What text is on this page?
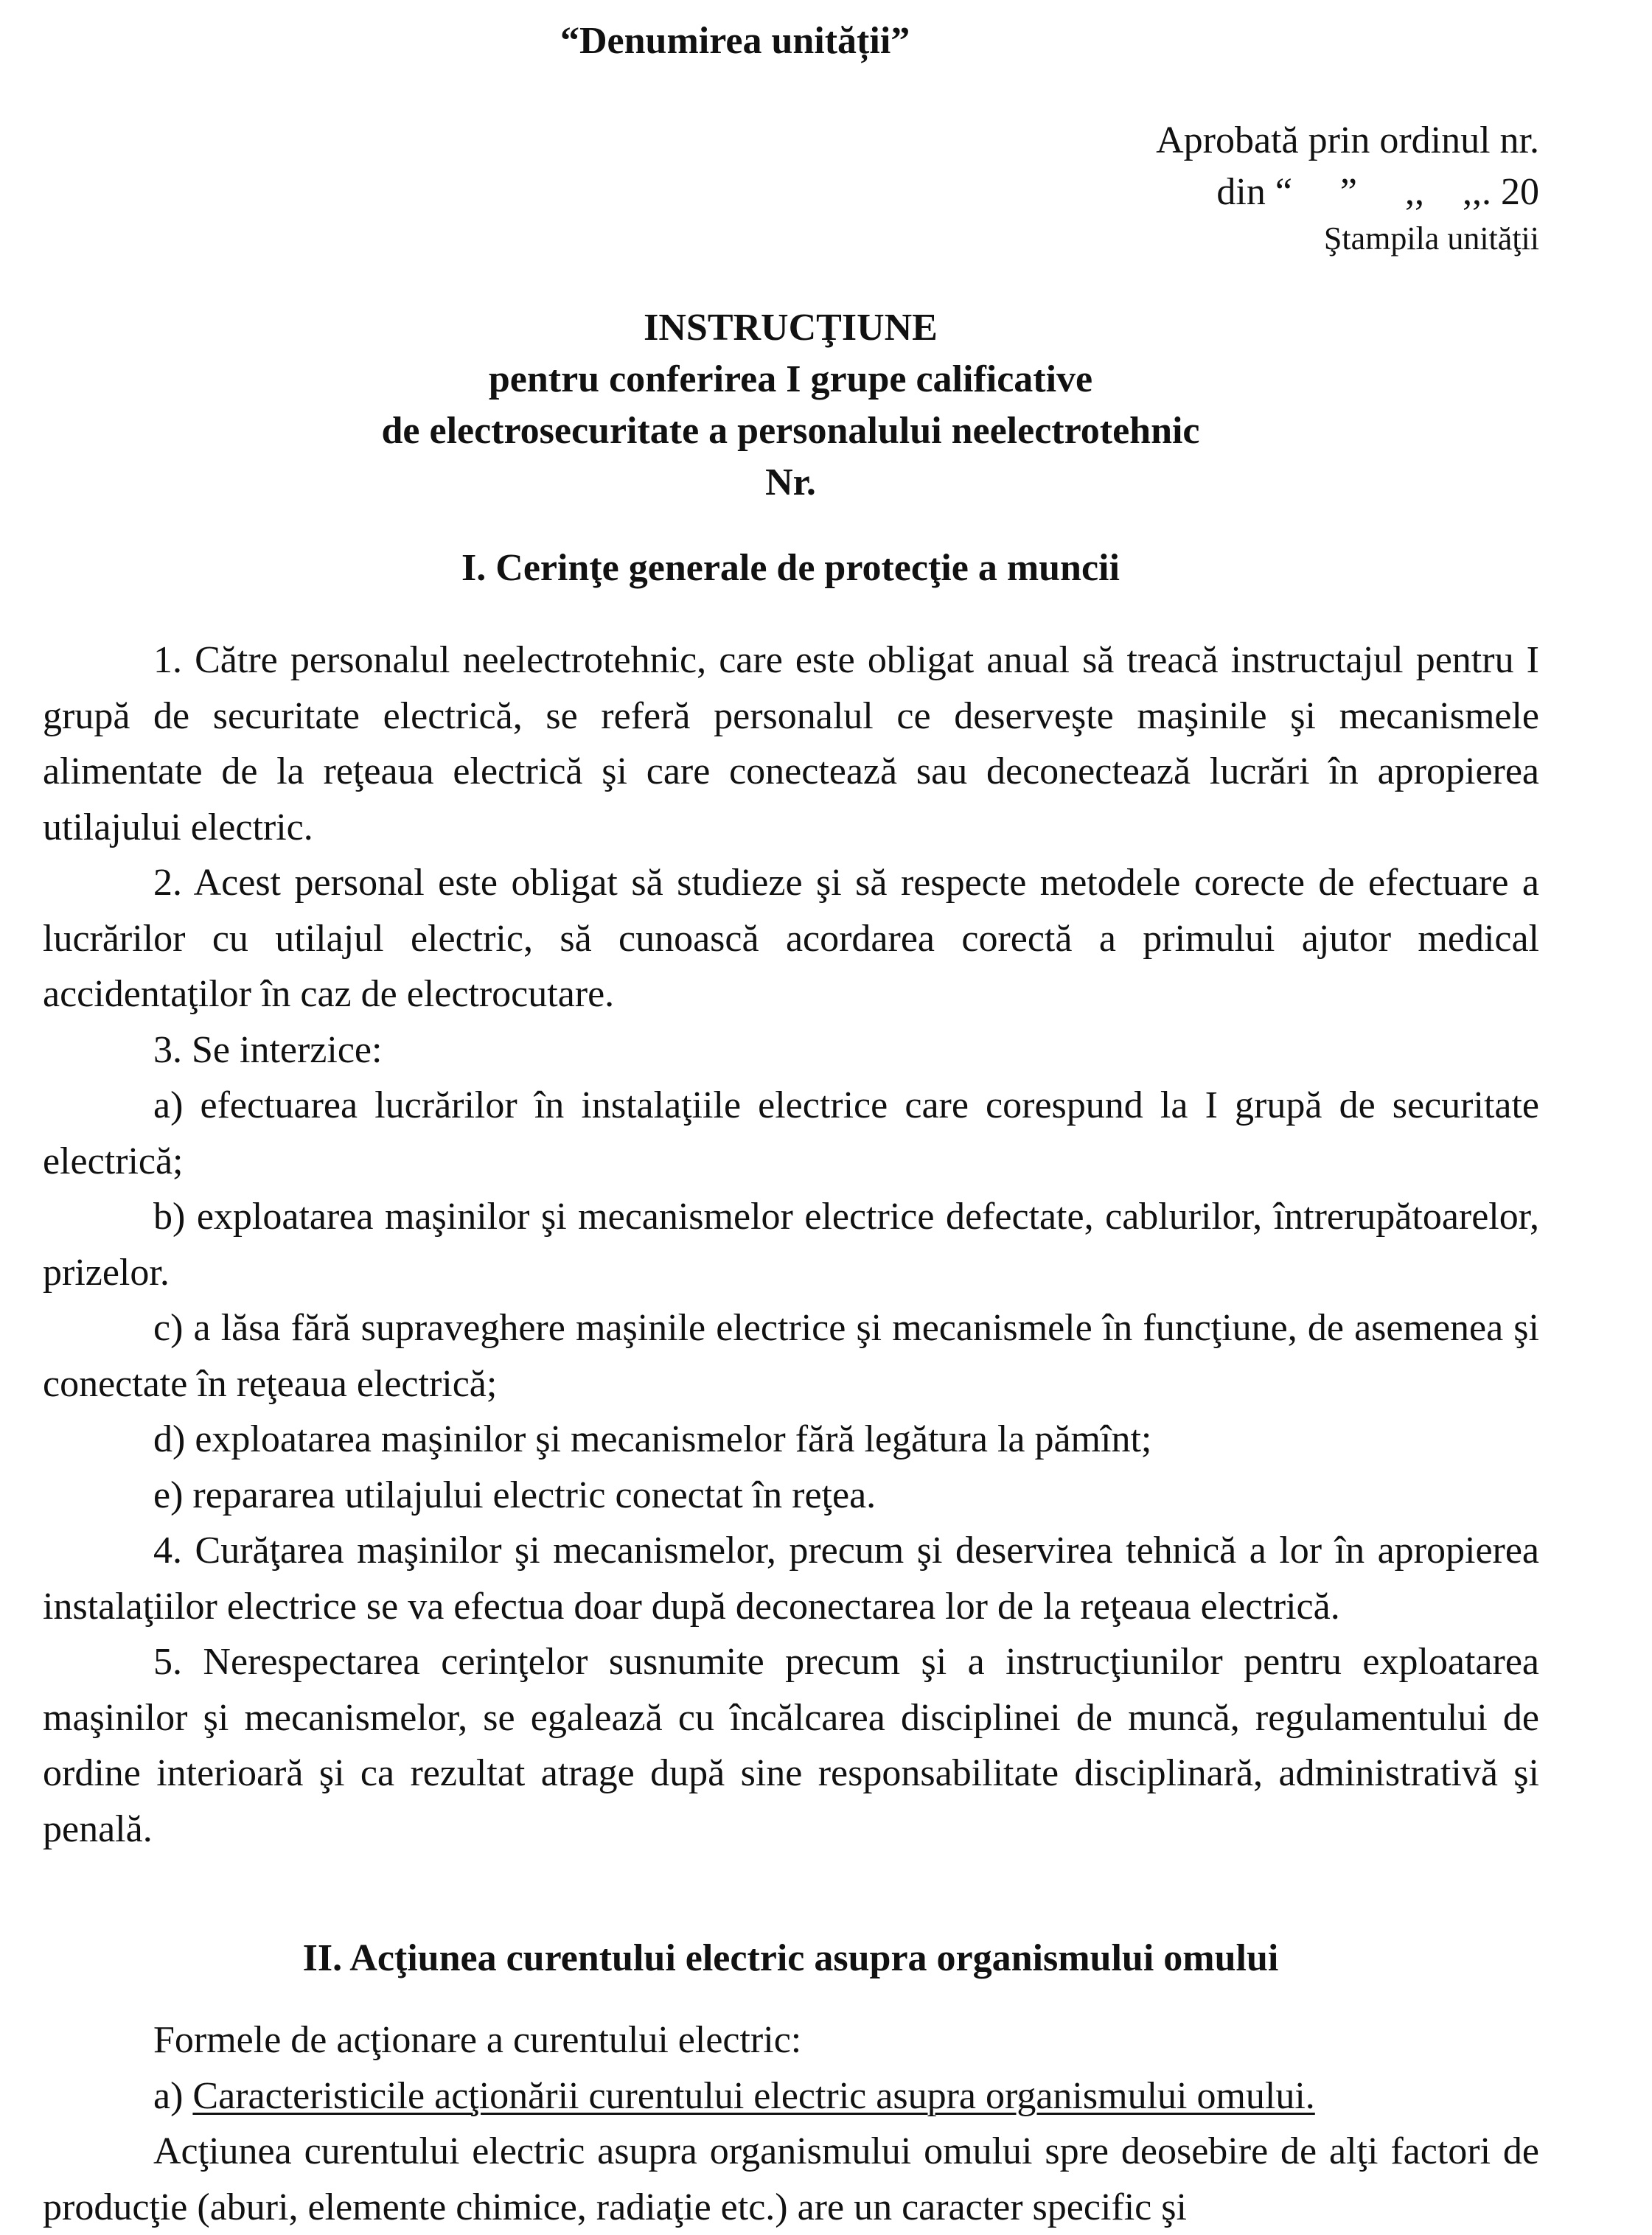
“Denumirea unității”
Aprobată prin ordinul nr.
din “     ”     ,,    ,,. 20
Ştampila unităţii
INSTRUCŢIUNE
pentru conferirea I grupe calificative
de electrosecuritate a personalului neelectrotehnic
Nr.
I. Cerinţe generale de protecţie a muncii

1. Către personalul neelectrotehnic, care este obligat anual să treacă instructajul pentru I grupă de securitate electrică, se referă personalul ce deserveşte maşinile şi mecanismele alimentate de la reţeaua electrică şi care conectează sau deconectează lucrări în apropierea utilajului electric.

2. Acest personal este obligat să studieze şi să respecte metodele corecte de efectuare a lucrărilor cu utilajul electric, să cunoască acordarea corectă a primului ajutor medical accidentaţilor în caz de electrocutare.

3. Se interzice:

a) efectuarea lucrărilor în instalaţiile electrice care corespund la I grupă de securitate electrică;

b) exploatarea maşinilor şi mecanismelor electrice defectate, cablurilor, întrerupătoarelor, prizelor.

c) a lăsa fără supraveghere maşinile electrice şi mecanismele în funcţiune, de asemenea şi conectate în reţeaua electrică;

d) exploatarea maşinilor şi mecanismelor fără legătura la pămînt;

e) repararea utilajului electric conectat în reţea.

4. Curăţarea maşinilor şi mecanismelor, precum şi deservirea tehnică a lor în apropierea instalaţiilor electrice se va efectua doar după deconectarea lor de la reţeaua electrică.

5. Nerespectarea cerinţelor susnumite precum şi a instrucţiunilor pentru exploatarea maşinilor şi mecanismelor, se egalează cu încălcarea disciplinei de muncă, regulamentului de ordine interioară şi ca rezultat atrage după sine responsabilitate disciplinară, administrativă şi penală.

II. Acţiunea curentului electric asupra organismului omului

Formele de acţionare a curentului electric:

a) Caracteristicile acţionării curentului electric asupra organismului omului.

Acţiunea curentului electric asupra organismului omului spre deosebire de alţi factori de producţie (aburi, elemente chimice, radiaţie etc.) are un caracter specific şi
